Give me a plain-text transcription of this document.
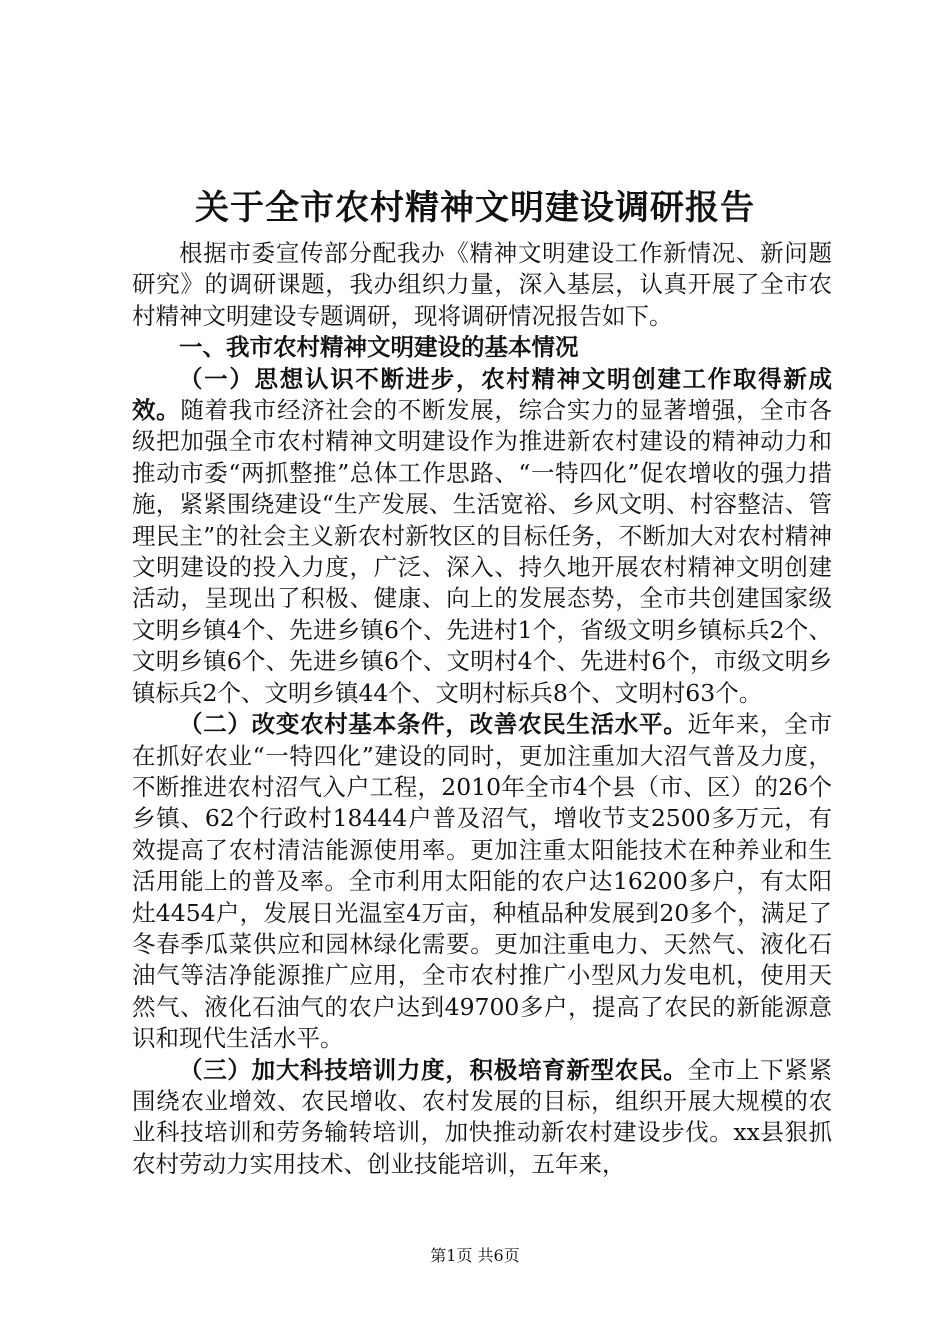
关于全市农村精神文明建设调研报告

根据市委宣传部分配我办《精神文明建设工作新情况、新问题研究》的调研课题，我办组织力量，深入基层，认真开展了全市农村精神文明建设专题调研，现将调研情况报告如下。

一、我市农村精神文明建设的基本情况

（一）思想认识不断进步，农村精神文明创建工作取得新成效。随着我市经济社会的不断发展，综合实力的显著增强，全市各级把加强全市农村精神文明建设作为推进新农村建设的精神动力和推动市委“两抓整推”总体工作思路、“一特四化”促农增收的强力措施，紧紧围绕建设“生产发展、生活宽裕、乡风文明、村容整洁、管理民主”的社会主义新农村新牧区的目标任务，不断加大对农村精神文明建设的投入力度，广泛、深入、持久地开展农村精神文明创建活动，呈现出了积极、健康、向上的发展态势，全市共创建国家级文明乡镇4个、先进乡镇6个、先进村1个，省级文明乡镇标兵2个、文明乡镇6个、先进乡镇6个、文明村4个、先进村6个，市级文明乡镇标兵2个、文明乡镇44个、文明村标兵8个、文明村63个。

（二）改变农村基本条件，改善农民生活水平。近年来，全市在抓好农业“一特四化”建设的同时，更加注重加大沼气普及力度，不断推进农村沼气入户工程，2010年全市4个县（市、区）的26个乡镇、62个行政村18444户普及沼气，增收节支2500多万元，有效提高了农村清洁能源使用率。更加注重太阳能技术在种养业和生活用能上的普及率。全市利用太阳能的农户达16200多户，有太阳灶4454户，发展日光温室4万亩，种植品种发展到20多个，满足了冬春季瓜菜供应和园林绿化需要。更加注重电力、天然气、液化石油气等洁净能源推广应用，全市农村推广小型风力发电机，使用天然气、液化石油气的农户达到49700多户，提高了农民的新能源意识和现代生活水平。

（三）加大科技培训力度，积极培育新型农民。全市上下紧紧围绕农业增效、农民增收、农村发展的目标，组织开展大规模的农业科技培训和劳务输转培训，加快推动新农村建设步伐。xx县狠抓农村劳动力实用技术、创业技能培训，五年来，

第1页 共6页
